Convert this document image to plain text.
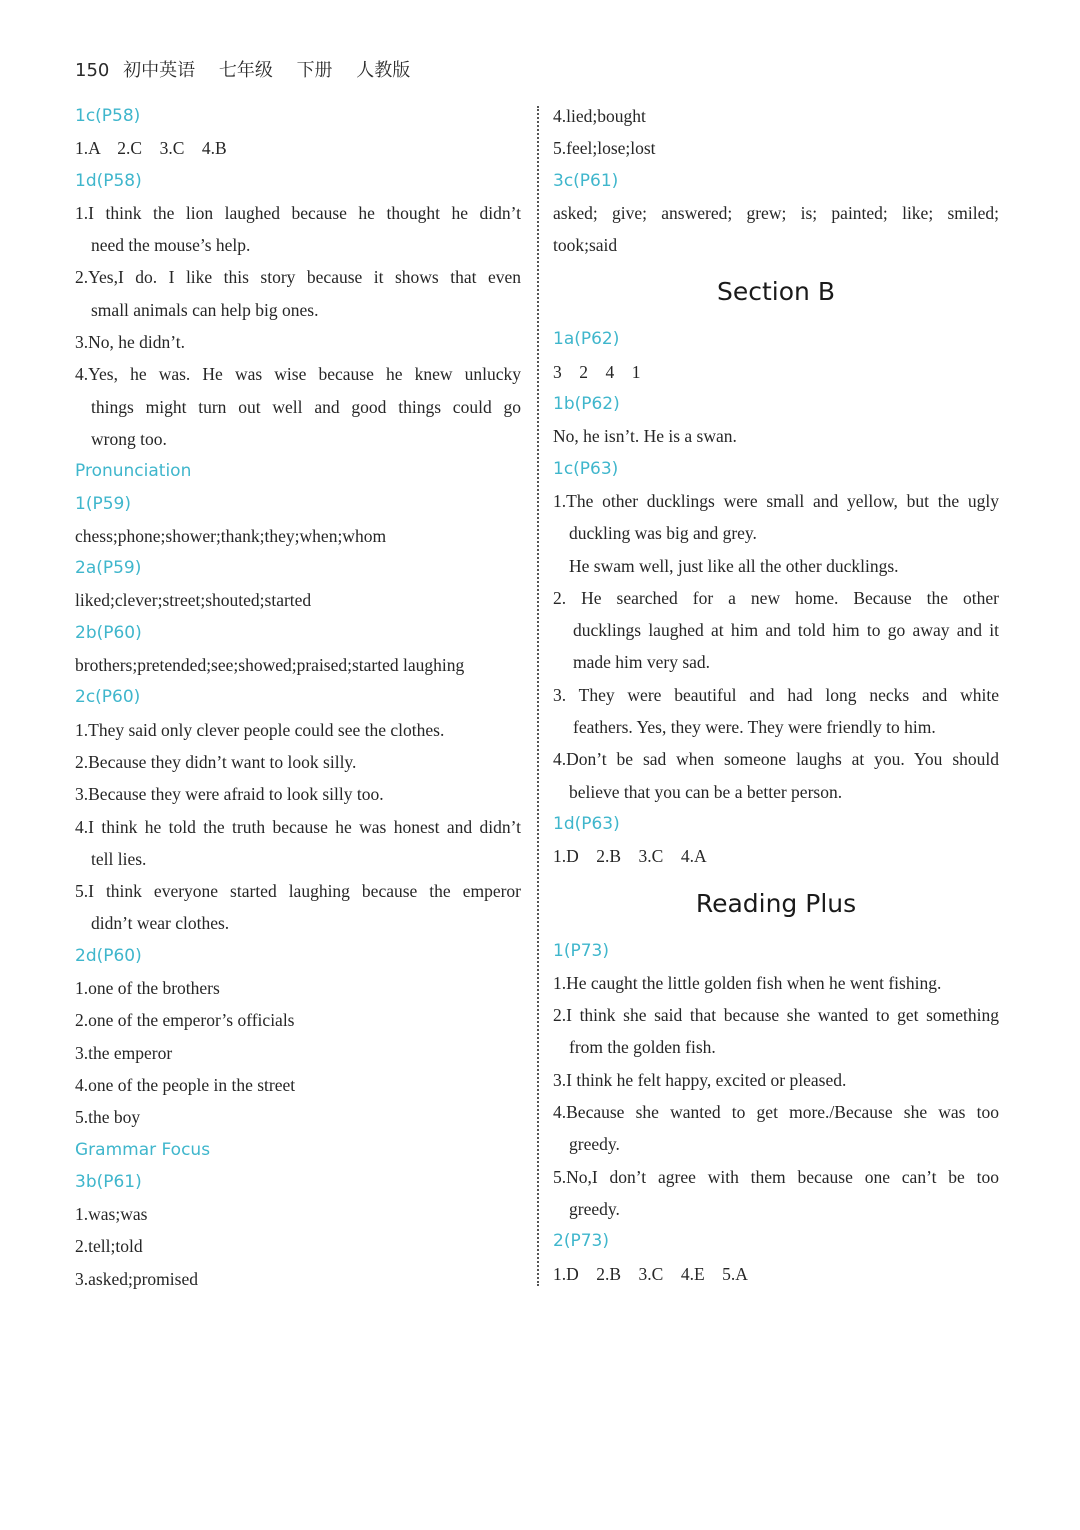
150 初中英语 七年级 下册 人教版
1c(P58)
1.A　2.C　3.C　4.B
1d(P58)
1.I think the lion laughed because he thought he didn’t
need the mouse’s help.
2.Yes,I do. I like this story because it shows that even
small animals can help big ones.
3.No, he didn’t.
4.Yes, he was. He was wise because he knew unlucky
things might turn out well and good things could go
wrong too.
Pronunciation
1(P59)
chess;phone;shower;thank;they;when;whom
2a(P59)
liked;clever;street;shouted;started
2b(P60)
brothers;pretended;see;showed;praised;started laughing
2c(P60)
1.They said only clever people could see the clothes.
2.Because they didn’t want to look silly.
3.Because they were afraid to look silly too.
4.I think he told the truth because he was honest and didn’t
tell lies.
5.I think everyone started laughing because the emperor
didn’t wear clothes.
2d(P60)
1.one of the brothers
2.one of the emperor’s officials
3.the emperor
4.one of the people in the street
5.the boy
Grammar Focus
3b(P61)
1.was;was
2.tell;told
3.asked;promised
4.lied;bought
5.feel;lose;lost
3c(P61)
asked; give; answered; grew; is; painted; like; smiled;
took;said
Section B
1a(P62)
3　2　4　1
1b(P62)
No, he isn’t. He is a swan.
1c(P63)
1.The other ducklings were small and yellow, but the ugly
duckling was big and grey.
He swam well, just like all the other ducklings.
2. He searched for a new home. Because the other
ducklings laughed at him and told him to go away and it
made him very sad.
3. They were beautiful and had long necks and white
feathers. Yes, they were. They were friendly to him.
4.Don’t be sad when someone laughs at you. You should
believe that you can be a better person.
1d(P63)
1.D　2.B　3.C　4.A
Reading Plus
1(P73)
1.He caught the little golden fish when he went fishing.
2.I think she said that because she wanted to get something
from the golden fish.
3.I think he felt happy, excited or pleased.
4.Because she wanted to get more./Because she was too
greedy.
5.No,I don’t agree with them because one can’t be too
greedy.
2(P73)
1.D　2.B　3.C　4.E　5.A
